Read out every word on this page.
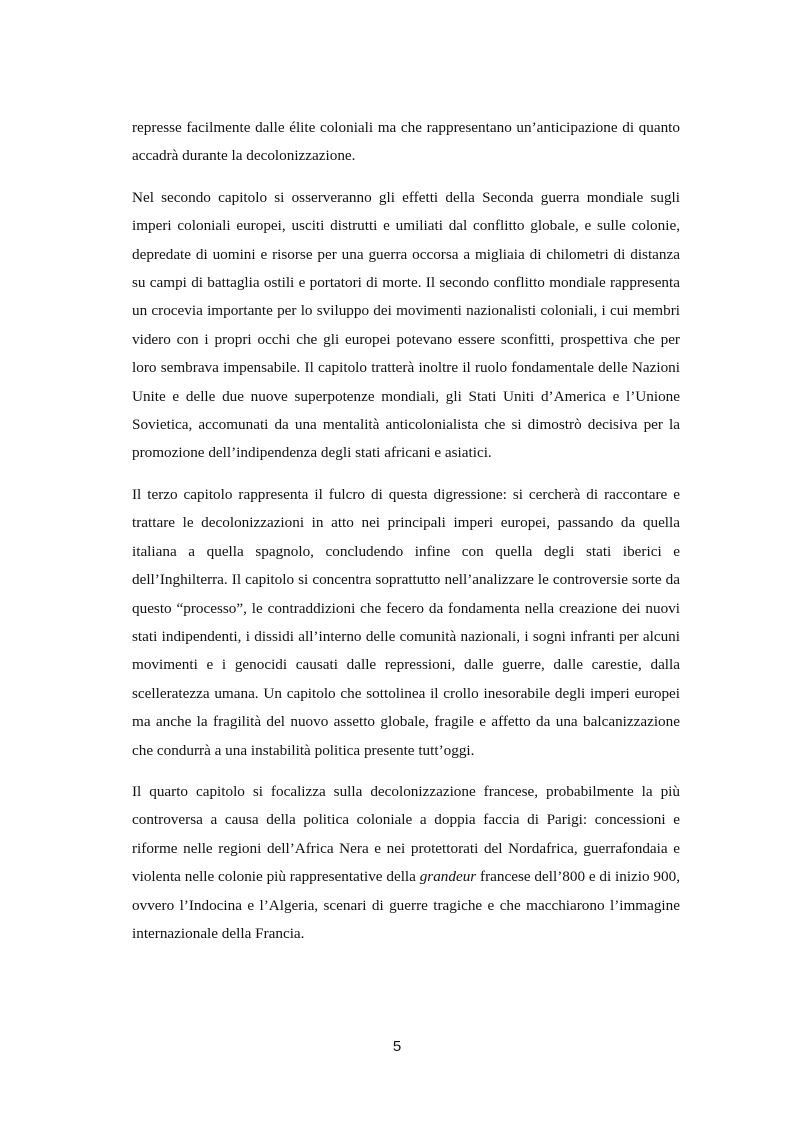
represse facilmente dalle élite coloniali ma che rappresentano un’anticipazione di quanto accadrà durante la decolonizzazione.

Nel secondo capitolo si osserveranno gli effetti della Seconda guerra mondiale sugli imperi coloniali europei, usciti distrutti e umiliati dal conflitto globale, e sulle colonie, depredate di uomini e risorse per una guerra occorsa a migliaia di chilometri di distanza su campi di battaglia ostili e portatori di morte. Il secondo conflitto mondiale rappresenta un crocevia importante per lo sviluppo dei movimenti nazionalisti coloniali, i cui membri videro con i propri occhi che gli europei potevano essere sconfitti, prospettiva che per loro sembrava impensabile. Il capitolo tratterà inoltre il ruolo fondamentale delle Nazioni Unite e delle due nuove superpotenze mondiali, gli Stati Uniti d’America e l’Unione Sovietica, accomunati da una mentalità anticolonialista che si dimostrò decisiva per la promozione dell’indipendenza degli stati africani e asiatici.

Il terzo capitolo rappresenta il fulcro di questa digressione: si cercherà di raccontare e trattare le decolonizzazioni in atto nei principali imperi europei, passando da quella italiana a quella spagnolo, concludendo infine con quella degli stati iberici e dell’Inghilterra. Il capitolo si concentra soprattutto nell’analizzare le controversie sorte da questo “processo”, le contraddizioni che fecero da fondamenta nella creazione dei nuovi stati indipendenti, i dissidi all’interno delle comunità nazionali, i sogni infranti per alcuni movimenti e i genocidi causati dalle repressioni, dalle guerre, dalle carestie, dalla scelleratezza umana. Un capitolo che sottolinea il crollo inesorabile degli imperi europei ma anche la fragilità del nuovo assetto globale, fragile e affetto da una balcanizzazione che condurrà a una instabilità politica presente tutt’oggi.

Il quarto capitolo si focalizza sulla decolonizzazione francese, probabilmente la più controversa a causa della politica coloniale a doppia faccia di Parigi: concessioni e riforme nelle regioni dell’Africa Nera e nei protettorati del Nordafrica, guerrafondaia e violenta nelle colonie più rappresentative della grandeur francese dell’800 e di inizio 900, ovvero l’Indocina e l’Algeria, scenari di guerre tragiche e che macchiarono l’immagine internazionale della Francia.

5
